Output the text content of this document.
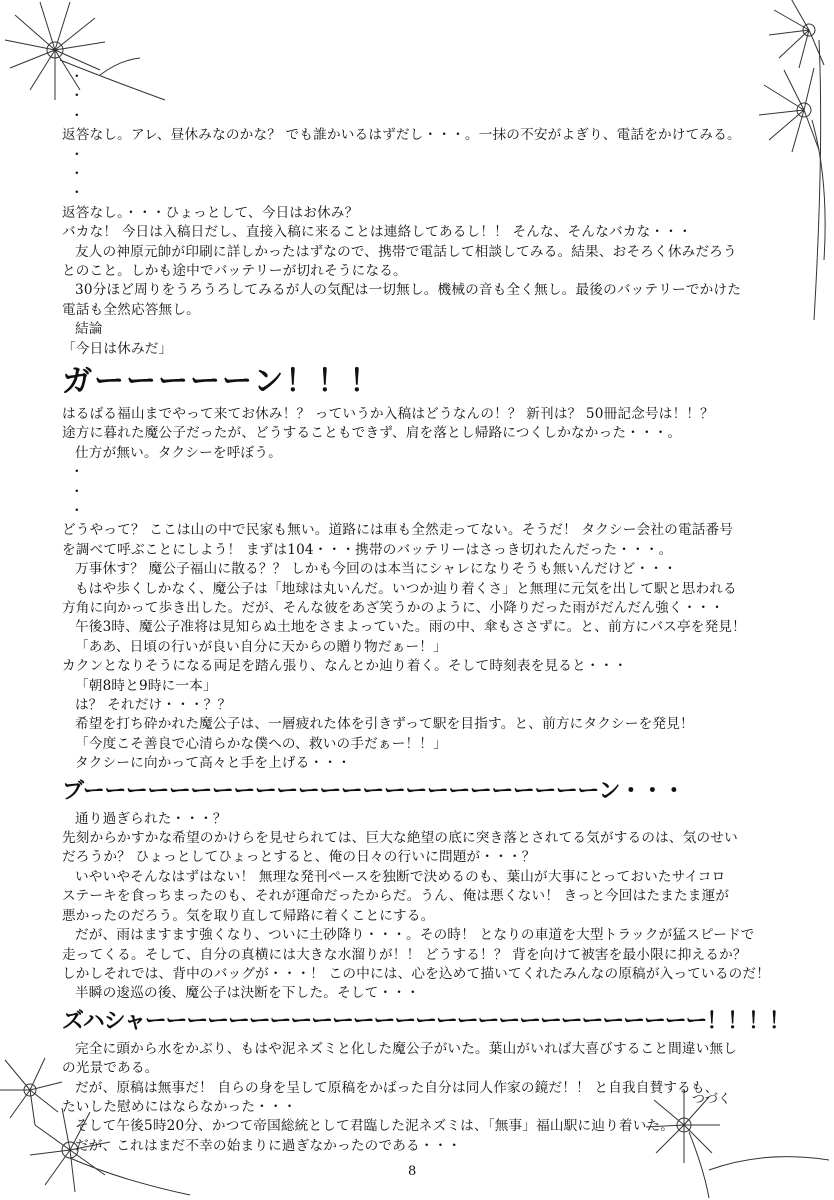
・
・
・
返答なし。アレ、昼休みなのかな？ でも誰かいるはずだし・・・。一抹の不安がよぎり、電話をかけてみる。
・
・
・
返答なし。・・・ひょっとして、今日はお休み？
バカな！ 今日は入稿日だし、直接入稿に来ることは連絡してあるし！！ そんな、そんなバカな・・・
友人の神原元帥が印刷に詳しかったはずなので、携帯で電話して相談してみる。結果、おそろく休みだろう
とのこと。しかも途中でバッテリーが切れそうになる。
30分ほど周りをうろうろしてみるが人の気配は一切無し。機械の音も全く無し。最後のバッテリーでかけた
電話も全然応答無し。
結論
「今日は休みだ」
ガーーーーーン！！！
はるばる福山までやって来てお休み！？ っていうか入稿はどうなんの！？ 新刊は？ 50冊記念号は！！？
途方に暮れた魔公子だったが、どうすることもできず、肩を落とし帰路につくしかなかった・・・。
仕方が無い。タクシーを呼ぼう。
・
・
・
どうやって？ ここは山の中で民家も無い。道路には車も全然走ってない。そうだ！ タクシー会社の電話番号
を調べて呼ぶことにしよう！ まずは104・・・携帯のバッテリーはさっき切れたんだった・・・。
万事休す？ 魔公子福山に散る？？ しかも今回のは本当にシャレになりそうも無いんだけど・・・
もはや歩くしかなく、魔公子は「地球は丸いんだ。いつか辿り着くさ」と無理に元気を出して駅と思われる
方角に向かって歩き出した。だが、そんな彼をあざ笑うかのように、小降りだった雨がだんだん強く・・・
午後3時、魔公子准将は見知らぬ土地をさまよっていた。雨の中、傘もささずに。と、前方にバス亭を発見！
「ああ、日頃の行いが良い自分に天からの贈り物だぁー！」
カクンとなりそうになる両足を踏ん張り、なんとか辿り着く。そして時刻表を見ると・・・
「朝8時と9時に一本」
は？ それだけ・・・？？
希望を打ち砕かれた魔公子は、一層疲れた体を引きずって駅を目指す。と、前方にタクシーを発見！
「今度こそ善良で心清らかな僕への、救いの手だぁー！！」
タクシーに向かって高々と手を上げる・・・
ブーーーーーーーーーーーーーーーーーーーーーーーーン・・・
通り過ぎられた・・・？
先刻からかすかな希望のかけらを見せられては、巨大な絶望の底に突き落とされてる気がするのは、気のせい
だろうか？ ひょっとしてひょっとすると、俺の日々の行いに問題が・・・？
いやいやそんなはずはない！ 無理な発刊ペースを独断で決めるのも、葉山が大事にとっておいたサイコロ
ステーキを食っちまったのも、それが運命だったからだ。うん、俺は悪くない！ きっと今回はたまたま運が
悪かったのだろう。気を取り直して帰路に着くことにする。
だが、雨はますます強くなり、ついに土砂降り・・・。その時！ となりの車道を大型トラックが猛スピードで
走ってくる。そして、自分の真横には大きな水溜りが！！ どうする！？ 背を向けて被害を最小限に抑えるか？
しかしそれでは、背中のバッグが・・・！ この中には、心を込めて描いてくれたみんなの原稿が入っているのだ！
半瞬の逡巡の後、魔公子は決断を下した。そして・・・
ズハシャーーーーーーーーーーーーーーーーーーーーーーーーーーー！！！！
完全に頭から水をかぶり、もはや泥ネズミと化した魔公子がいた。葉山がいれば大喜びすること間違い無し
の光景である。
だが、原稿は無事だ！ 自らの身を呈して原稿をかばった自分は同人作家の鏡だ！！ と自我自賛するも、
たいした慰めにはならなかった・・・
そして午後5時20分、かつて帝国総統として君臨した泥ネズミは、「無事」福山駅に辿り着いた。
だが、これはまだ不幸の始まりに過ぎなかったのである・・・
つづく
8
